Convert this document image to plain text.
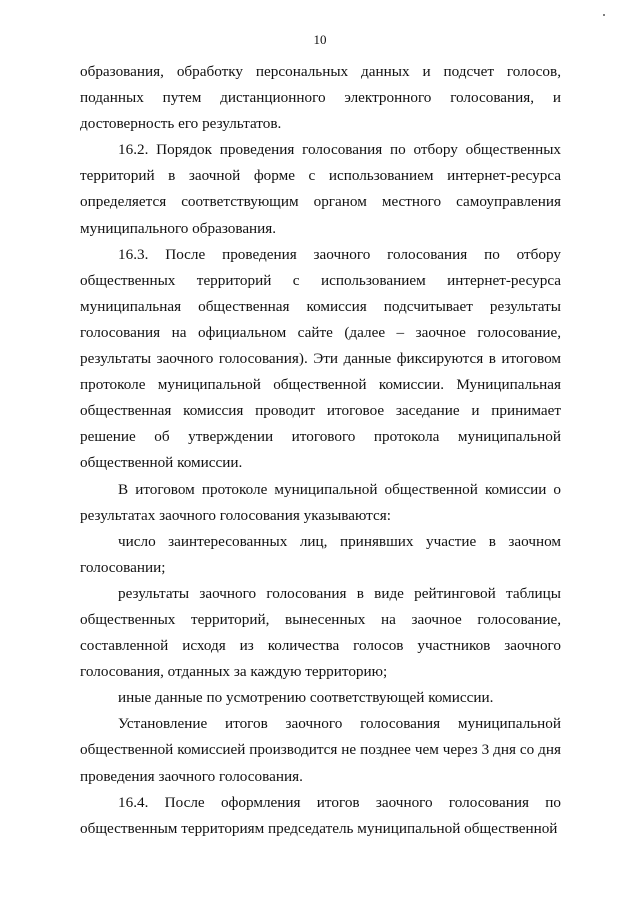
10

образования, обработку персональных данных и подсчет голосов, поданных путем дистанционного электронного голосования, и достоверность его результатов.

16.2. Порядок проведения голосования по отбору общественных территорий в заочной форме с использованием интернет-ресурса определяется соответствующим органом местного самоуправления муниципального образования.

16.3. После проведения заочного голосования по отбору общественных территорий с использованием интернет-ресурса муниципальная общественная комиссия подсчитывает результаты голосования на официальном сайте (далее – заочное голосование, результаты заочного голосования). Эти данные фиксируются в итоговом протоколе муниципальной общественной комиссии. Муниципальная общественная комиссия проводит итоговое заседание и принимает решение об утверждении итогового протокола муниципальной общественной комиссии.

В итоговом протоколе муниципальной общественной комиссии о результатах заочного голосования указываются:

число заинтересованных лиц, принявших участие в заочном голосовании;

результаты заочного голосования в виде рейтинговой таблицы общественных территорий, вынесенных на заочное голосование, составленной исходя из количества голосов участников заочного голосования, отданных за каждую территорию;

иные данные по усмотрению соответствующей комиссии.

Установление итогов заочного голосования муниципальной общественной комиссией производится не позднее чем через 3 дня со дня проведения заочного голосования.

16.4. После оформления итогов заочного голосования по общественным территориям председатель муниципальной общественной
